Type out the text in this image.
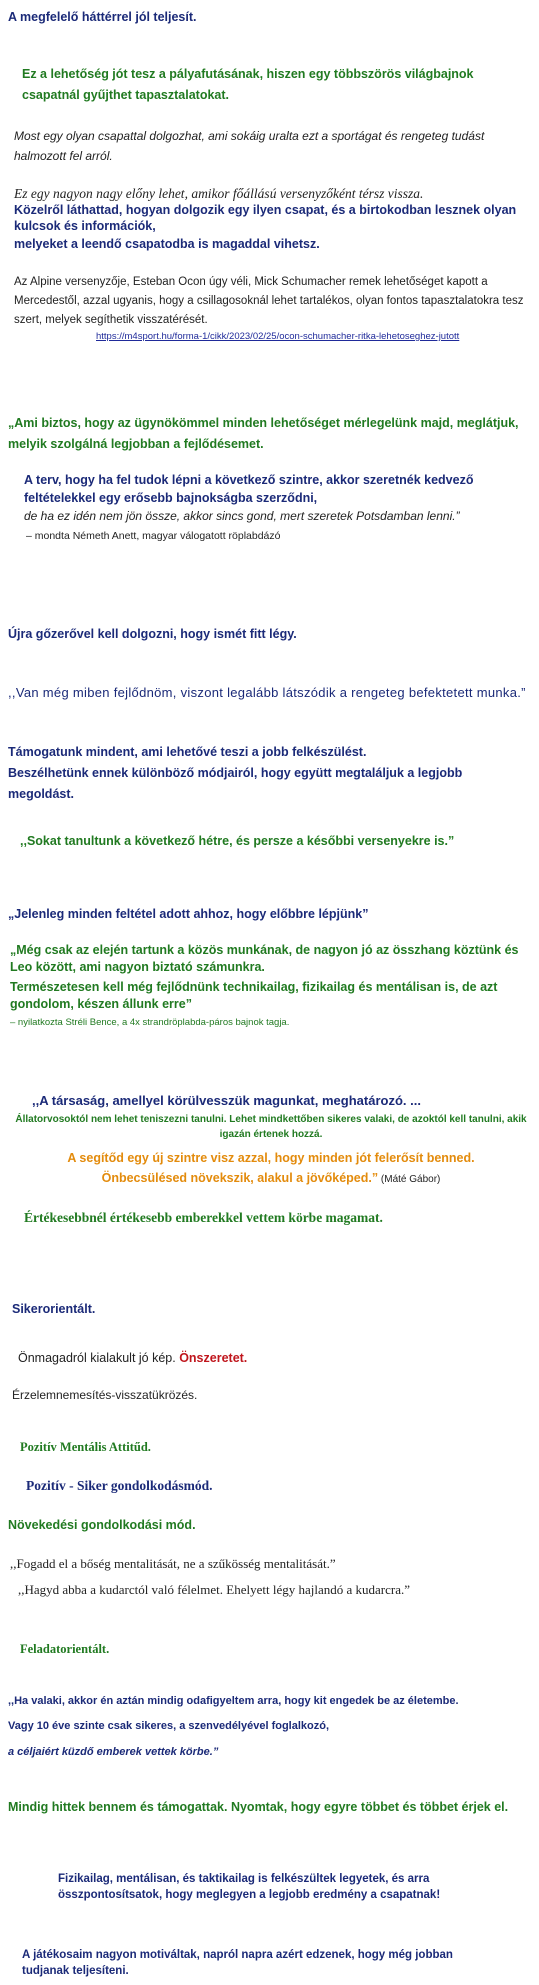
A megfelelő háttérrel jól teljesít.

Ez a lehetőség jót tesz a pályafutásának, hiszen egy többszörös világbajnok csapatnál gyűjthet tapasztalatokat.

Most egy olyan csapattal dolgozhat, ami sokáig uralta ezt a sportágat és rengeteg tudást halmozott fel arról.

Ez egy nagyon nagy előny lehet, amikor főállású versenyzőként térsz vissza.

Közelről láthattad, hogyan dolgozik egy ilyen csapat, és a birtokodban lesznek olyan kulcsok és információk,

melyeket a leendő csapatodba is magaddal vihetsz.

Az Alpine versenyzője, Esteban Ocon úgy véli, Mick Schumacher remek lehetőséget kapott a Mercedestől, azzal ugyanis, hogy a csillagosoknál lehet tartalékos, olyan fontos tapasztalatokra tesz szert, melyek segíthetik visszatérését.

https://m4sport.hu/forma-1/cikk/2023/02/25/ocon-schumacher-ritka-lehetoseghez-jutott

„Ami biztos, hogy az ügynökömmel minden lehetőséget mérlegelünk majd, meglátjuk, melyik szolgálná legjobban a fejlődésemet.

A terv, hogy ha fel tudok lépni a következő szintre, akkor szeretnék kedvező feltételekkel egy erősebb bajnokságba szerződni,

de ha ez idén nem jön össze, akkor sincs gond, mert szeretek Potsdamban lenni.”

– mondta Németh Anett, magyar válogatott röplabdázó

Újra gőzerővel kell dolgozni, hogy ismét fitt légy.

,,Van még miben fejlődnöm, viszont legalább látszódik a rengeteg befektetett munka.”

Támogatunk mindent, ami lehetővé teszi a jobb felkészülést.

Beszélhetünk ennek különböző módjairól, hogy együtt megtaláljuk a legjobb megoldást.

,,Sokat tanultunk a következő hétre, és persze a későbbi versenyekre is.”

„Jelenleg minden feltétel adott ahhoz, hogy előbbre lépjünk”

„Még csak az elején tartunk a közös munkának, de nagyon jó az összhang köztünk és Leo között, ami nagyon biztató számunkra.

Természetesen kell még fejlődnünk technikailag, fizikailag és mentálisan is, de azt gondolom, készen állunk erre”

– nyilatkozta Stréli Bence, a 4x strandröplabda-páros bajnok tagja.

,,A társaság, amellyel körülvesszük magunkat, meghatározó. ...

Állatorvosoktól nem lehet teniszezni tanulni. Lehet mindkettőben sikeres valaki, de azoktól kell tanulni, akik igazán értenek hozzá.

A segítőd egy új szintre visz azzal, hogy minden jót felerősít benned.

Önbecsülésed növekszik, alakul a jövőképed.” (Máté Gábor)

Értékesebbnél értékesebb emberekkel vettem körbe magamat.

Sikerorientált.

Önmagadról kialakult jó kép. Önszeretet.

Érzelemnemesítés-visszatükrözés.

Pozitív Mentális Attitűd.

Pozitív - Siker gondolkodásmód.

Növekedési gondolkodási mód.

,,Fogadd el a bőség mentalitását, ne a szűkösség mentalitását.”

,,Hagyd abba a kudarctól való félelmet. Ehelyett légy hajlandó a kudarcra.”

Feladatorientált.

,,Ha valaki, akkor én aztán mindig odafigyeltem arra, hogy kit engedek be az életembe.

Vagy 10 éve szinte csak sikeres, a szenvedélyével foglalkozó,

a céljaiért küzdő emberek vettek körbe.”

Mindig hittek bennem és támogattak. Nyomtak, hogy egyre többet és többet érjek el.

Fizikailag, mentálisan, és taktikailag is felkészültek legyetek, és arra összpontosítsatok, hogy meglegyen a legjobb eredmény a csapatnak!

A játékosaim nagyon motiváltak, napról napra azért edzenek, hogy még jobban tudjanak teljesíteni.
